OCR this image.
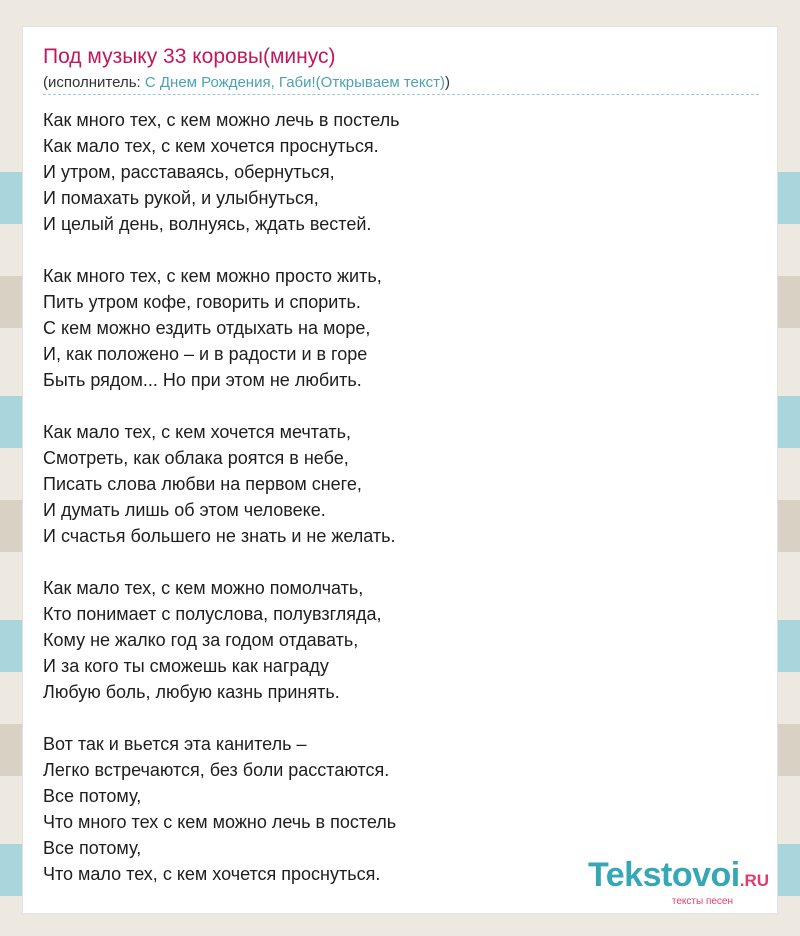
Под музыку 33 коровы(минус)
(исполнитель: С Днем Рождения, Габи!(Открываем текст))
Как много тех, с кем можно лечь в постель
Как мало тех, с кем хочется проснуться.
И утром, расставаясь, обернуться,
И помахать рукой, и улыбнуться,
И целый день, волнуясь, ждать вестей.
Как много тех, с кем можно просто жить,
Пить утром кофе, говорить и спорить.
С кем можно ездить отдыхать на море,
И, как положено – и в радости и в горе
Быть рядом... Но при этом не любить.
Как мало тех, с кем хочется мечтать,
Смотреть, как облака роятся в небе,
Писать слова любви на первом снеге,
И думать лишь об этом человеке.
И счастья большего не знать и не желать.
Как мало тех, с кем можно помолчать,
Кто понимает с полуслова, полувзгляда,
Кому не жалко год за годом отдавать,
И за кого ты сможешь как награду
Любую боль, любую казнь принять.
Вот так и вьется эта канитель –
Легко встречаются, без боли расстаются.
Все потому,
Что много тех с кем можно лечь в постель
Все потому,
Что мало тех, с кем хочется проснуться.	Tekstovoi.RU
тексты песен
